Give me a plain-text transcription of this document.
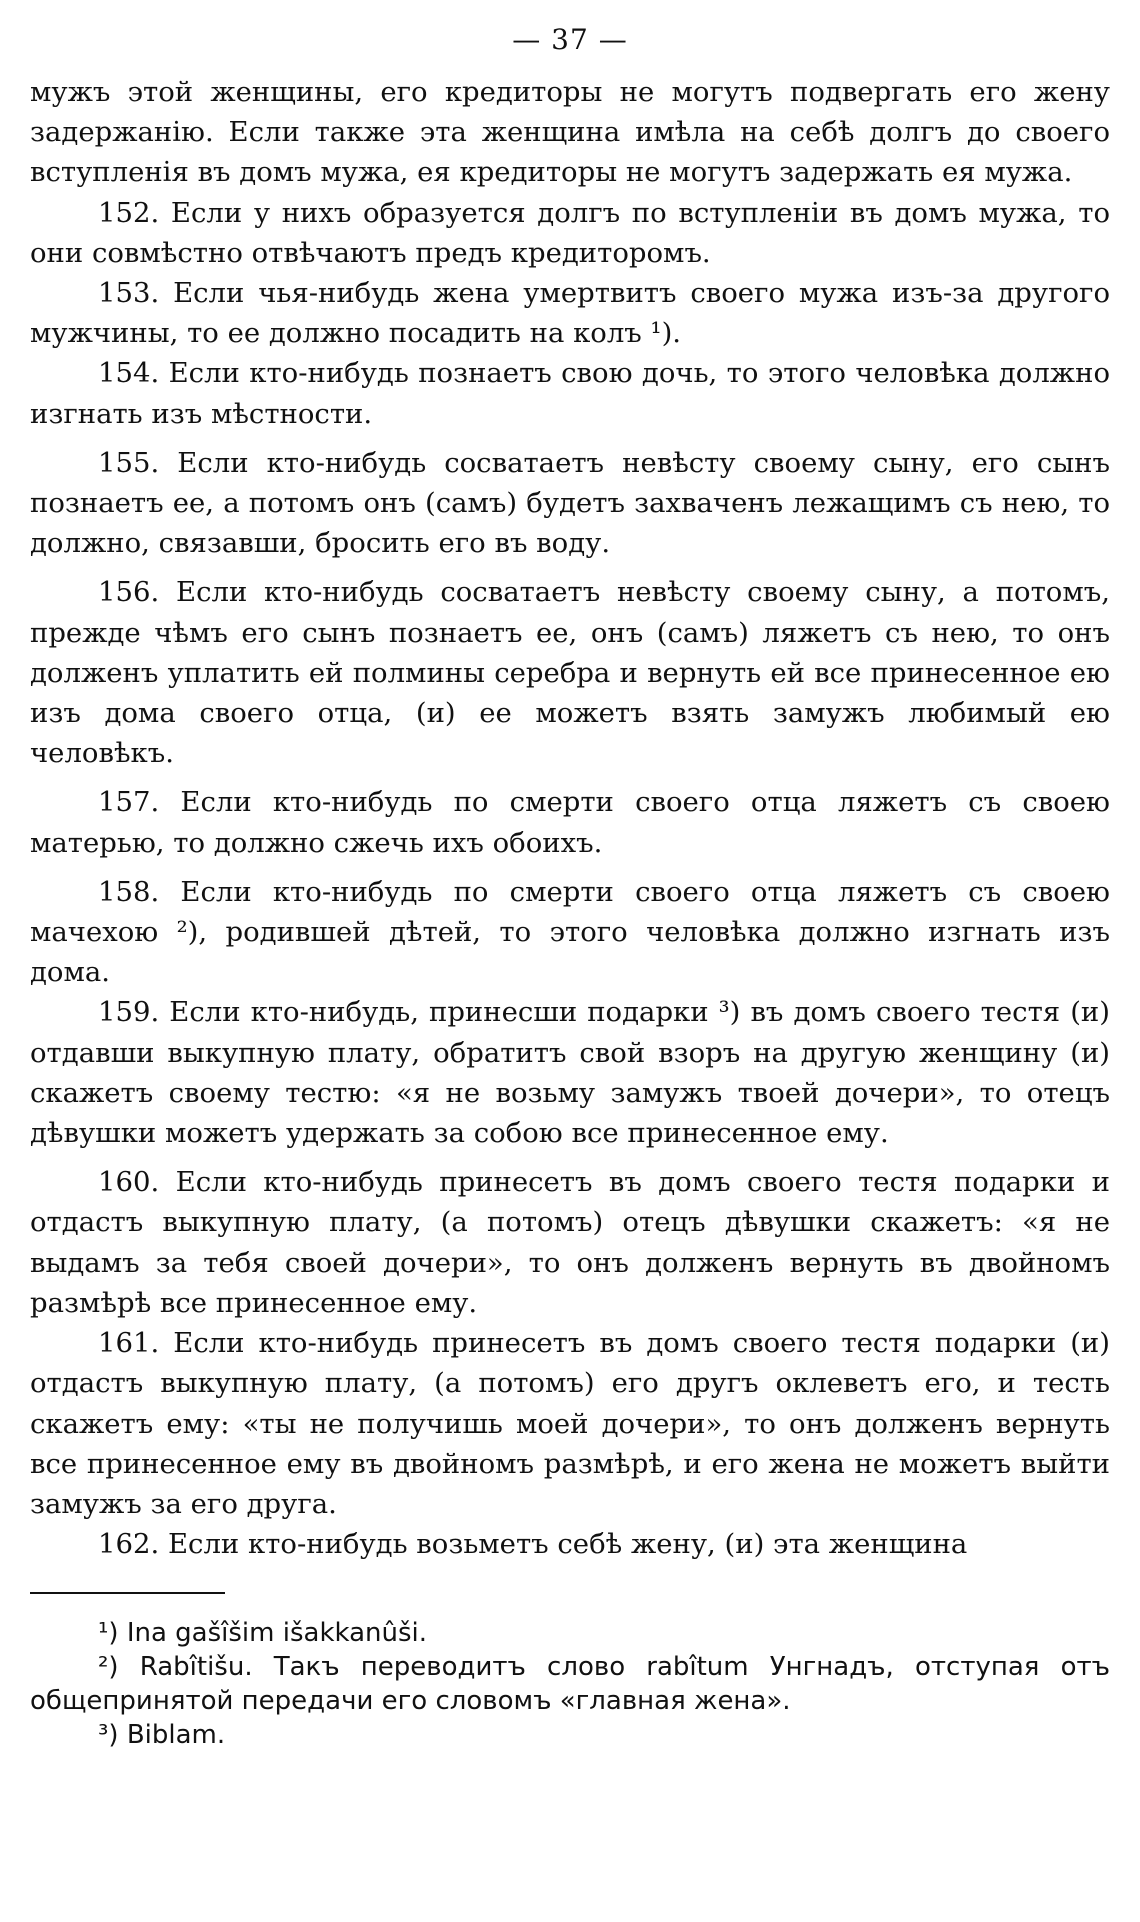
— 37 —

мужъ этой женщины, его кредиторы не могутъ подвергать его жену задержанію. Если также эта женщина имѣла на себѣ долгъ до своего вступленія въ домъ мужа, ея кредиторы не могутъ задержать ея мужа.

152. Если у нихъ образуется долгъ по вступленіи въ домъ мужа, то они совмѣстно отвѣчаютъ предъ кредиторомъ.

153. Если чья-нибудь жена умертвитъ своего мужа изъ-за другого мужчины, то ее должно посадить на колъ ¹).

154. Если кто-нибудь познаетъ свою дочь, то этого человѣка должно изгнать изъ мѣстности.

155. Если кто-нибудь сосватаетъ невѣсту своему сыну, его сынъ познаетъ ее, а потомъ онъ (самъ) будетъ захваченъ лежащимъ съ нею, то должно, связавши, бросить его въ воду.

156. Если кто-нибудь сосватаетъ невѣсту своему сыну, а потомъ, прежде чѣмъ его сынъ познаетъ ее, онъ (самъ) ляжетъ съ нею, то онъ долженъ уплатить ей полмины серебра и вернуть ей все принесенное ею изъ дома своего отца, (и) ее можетъ взять замужъ любимый ею человѣкъ.

157. Если кто-нибудь по смерти своего отца ляжетъ съ своею матерью, то должно сжечь ихъ обоихъ.

158. Если кто-нибудь по смерти своего отца ляжетъ съ своею мачехою ²), родившей дѣтей, то этого человѣка должно изгнать изъ дома.

159. Если кто-нибудь, принесши подарки ³) въ домъ своего тестя (и) отдавши выкупную плату, обратитъ свой взоръ на другую женщину (и) скажетъ своему тестю: «я не возьму замужъ твоей дочери», то отецъ дѣвушки можетъ удержать за собою все принесенное ему.

160. Если кто-нибудь принесетъ въ домъ своего тестя подарки и отдастъ выкупную плату, (а потомъ) отецъ дѣвушки скажетъ: «я не выдамъ за тебя своей дочери», то онъ долженъ вернуть въ двойномъ размѣрѣ все принесенное ему.

161. Если кто-нибудь принесетъ въ домъ своего тестя подарки (и) отдастъ выкупную плату, (а потомъ) его другъ оклеветъ его, и тесть скажетъ ему: «ты не получишь моей дочери», то онъ долженъ вернуть все принесенное ему въ двойномъ размѣрѣ, и его жена не можетъ выйти замужъ за его друга.

162. Если кто-нибудь возьметъ себѣ жену, (и) эта женщина

¹) Ina gašîšim išakkanûši.

²) Rabîtišu. Такъ переводитъ слово rabîtum Унгнадъ, отступая отъ общепринятой передачи его словомъ «главная жена».

³) Biblam.
